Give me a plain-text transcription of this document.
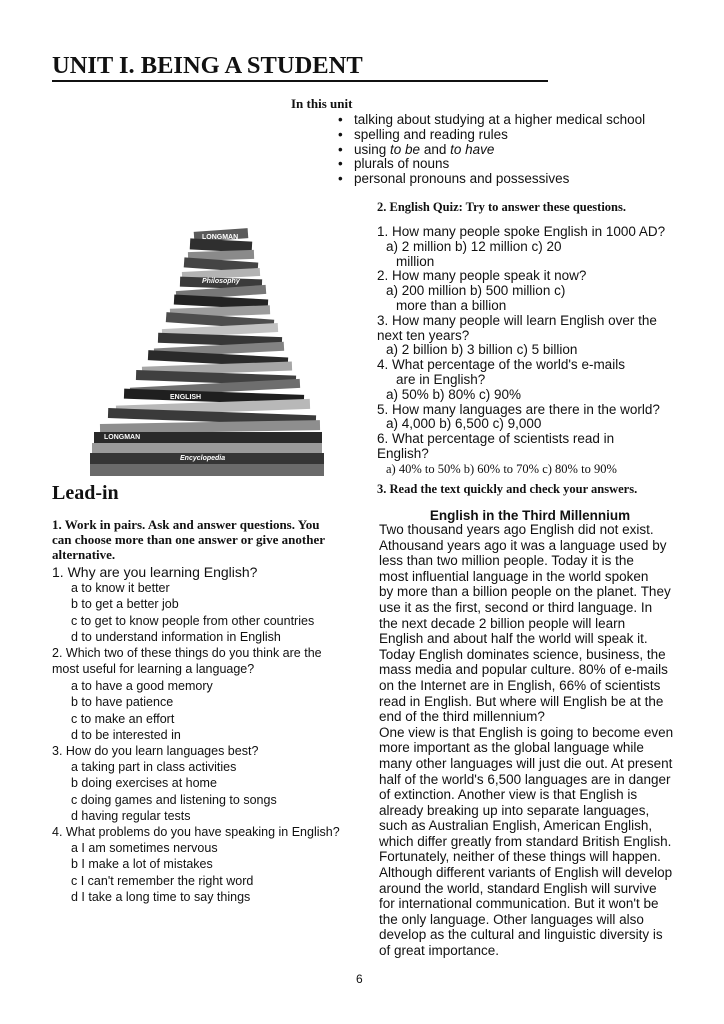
UNIT I. BEING A STUDENT
In this unit
• talking about studying at a higher medical school
• spelling and reading rules
• using to be and to have
• plurals of nouns
• personal pronouns and possessives
LONGMAN
Philosophy
ENGLISH
LONGMAN
Encyclopedia
2. English Quiz: Try to answer these questions.
1. How many people spoke English in 1000 AD?
a) 2 million b) 12 million c) 20
million
2. How many people speak it now?
a) 200 million b) 500 million c)
more than a billion
3. How many people will learn English over the
next ten years?
a) 2 billion b) 3 billion c) 5 billion
4. What percentage of the world's e-mails
are in English?
a) 50% b) 80% c) 90%
5. How many languages are there in the world?
a) 4,000 b) 6,500 c) 9,000
6. What percentage of scientists read in English?
a) 40% to 50% b) 60% to 70% c) 80% to 90%
3. Read the text quickly and check your answers.
English in the Third Millennium
Two thousand years ago English did not exist.
Athousand years ago it was a language used by
less than two million people. Today it is the
most influential language in the world spoken
by more than a billion people on the planet. They
use it as the first, second or third language. In
the next decade 2 billion people will learn
English and about half the world will speak it.
Today English dominates science, business, the
mass media and popular culture. 80% of e-mails
on the Internet are in English, 66% of scientists
read in English. But where will English be at the
end of the third millennium?
One view is that English is going to become even
more important as the global language while
many other languages will just die out. At present
half of the world's 6,500 languages are in danger
of extinction. Another view is that English is
already breaking up into separate languages,
such as Australian English, American English,
which differ greatly from standard British English.
Fortunately, neither of these things will happen.
Although different variants of English will develop
around the world, standard English will survive
for international communication. But it won't be
the only language. Other languages will also
develop as the cultural and linguistic diversity is
of great importance.
Lead-in
1. Work in pairs. Ask and answer questions. You can choose more than one answer or give another alternative.
1. Why are you learning English?
a to know it better
b to get a better job
c to get to know people from other countries
d to understand information in English
2. Which two of these things do you think are the most useful for learning a language?
a to have a good memory
b to have patience
c to make an effort
d to be interested in
3. How do you learn languages best?
a taking part in class activities
b doing exercises at home
c doing games and listening to songs
d having regular tests
4. What problems do you have speaking in English?
a I am sometimes nervous
b I make a lot of mistakes
c I can't remember the right word
d I take a long time to say things
6
